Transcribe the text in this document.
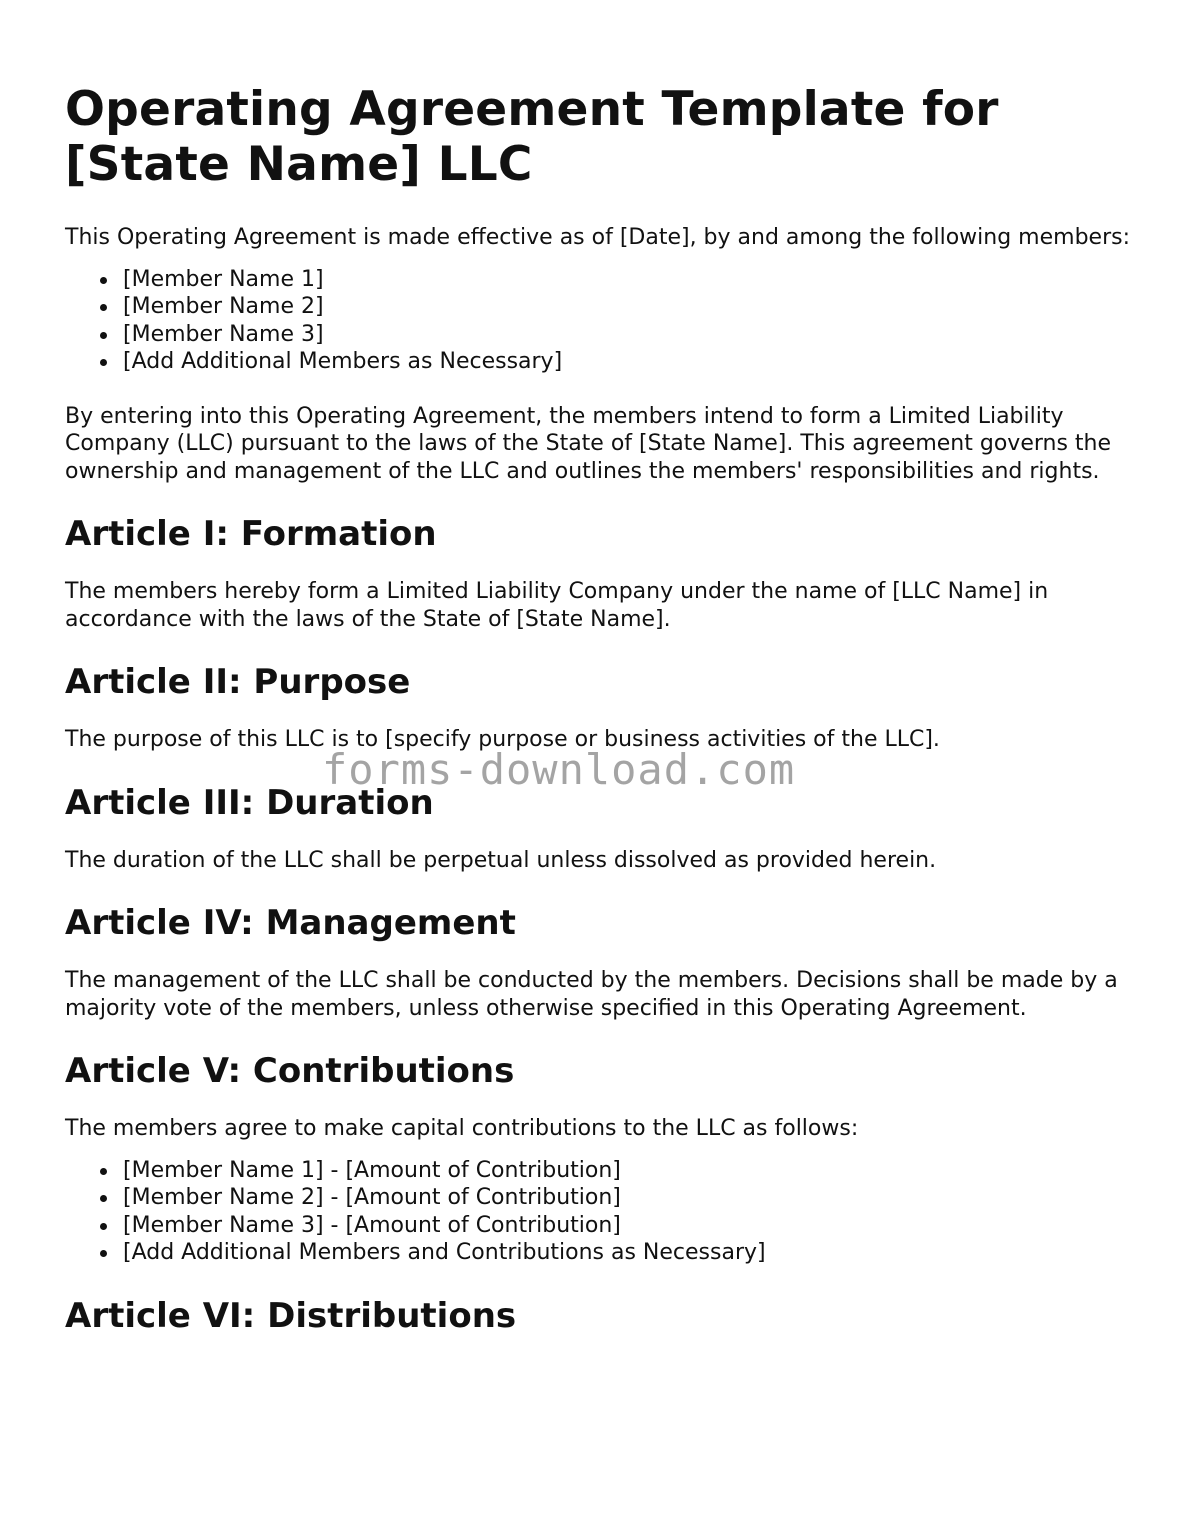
Operating Agreement Template for [State Name] LLC

This Operating Agreement is made effective as of [Date], by and among the following members:

[Member Name 1]
[Member Name 2]
[Member Name 3]
[Add Additional Members as Necessary]

By entering into this Operating Agreement, the members intend to form a Limited Liability Company (LLC) pursuant to the laws of the State of [State Name]. This agreement governs the ownership and management of the LLC and outlines the members' responsibilities and rights.

Article I: Formation

The members hereby form a Limited Liability Company under the name of [LLC Name] in accordance with the laws of the State of [State Name].

Article II: Purpose

The purpose of this LLC is to [specify purpose or business activities of the LLC].

Article III: Duration

The duration of the LLC shall be perpetual unless dissolved as provided herein.

Article IV: Management

The management of the LLC shall be conducted by the members. Decisions shall be made by a majority vote of the members, unless otherwise specified in this Operating Agreement.

Article V: Contributions

The members agree to make capital contributions to the LLC as follows:

[Member Name 1] - [Amount of Contribution]
[Member Name 2] - [Amount of Contribution]
[Member Name 3] - [Amount of Contribution]
[Add Additional Members and Contributions as Necessary]
Article VI: Distributions
forms-download.com
